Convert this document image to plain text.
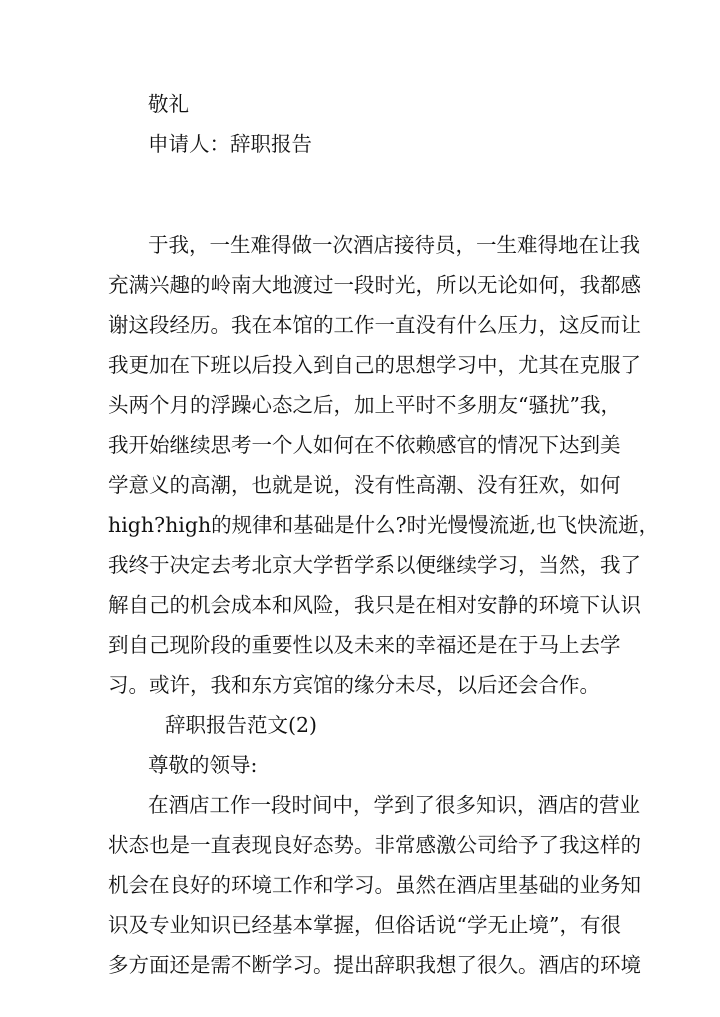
敬礼
申请人：辞职报告
于我，一生难得做一次酒店接待员，一生难得地在让我
充满兴趣的岭南大地渡过一段时光，所以无论如何，我都感
谢这段经历。我在本馆的工作一直没有什么压力，这反而让
我更加在下班以后投入到自己的思想学习中，尤其在克服了
头两个月的浮躁心态之后，加上平时不多朋友“骚扰”我，
我开始继续思考一个人如何在不依赖感官的情况下达到美
学意义的高潮，也就是说，没有性高潮、没有狂欢，如何
high?high的规律和基础是什么?时光慢慢流逝,也飞快流逝，
我终于决定去考北京大学哲学系以便继续学习，当然，我了
解自己的机会成本和风险，我只是在相对安静的环境下认识
到自己现阶段的重要性以及未来的幸福还是在于马上去学
习。或许，我和东方宾馆的缘分未尽，以后还会合作。
辞职报告范文(2)
尊敬的领导:
在酒店工作一段时间中，学到了很多知识，酒店的营业
状态也是一直表现良好态势。非常感激公司给予了我这样的
机会在良好的环境工作和学习。虽然在酒店里基础的业务知
识及专业知识已经基本掌握，但俗话说“学无止境”，有很
多方面还是需不断学习。提出辞职我想了很久。酒店的环境
